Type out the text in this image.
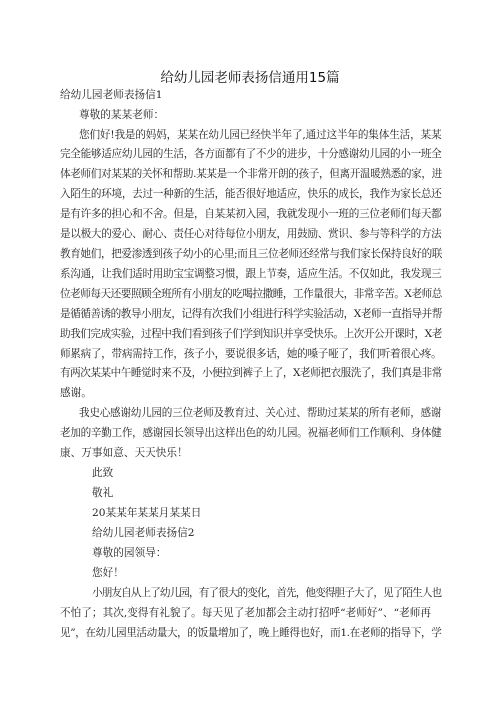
给幼儿园老师表扬信通用15篇
给幼儿园老师表扬信1
尊敬的某某老师：
您们好!我是的妈妈，某某在幼儿园已经快半年了,通过这半年的集体生活，某某
完全能够适应幼儿园的生活，各方面都有了不少的进步，十分感谢幼儿园的小一班全
体老师们对某某的关怀和帮助.某某是一个非常开朗的孩子，但离开温暖熟悉的家，进
入陌生的环境，去过一种新的生活，能否很好地适应，快乐的成长，我作为家长总还
是有许多的担心和不舍。但是，自某某初入园，我就发现小一班的三位老师们每天都
是以极大的爱心、耐心、责任心对待每位小朋友，用鼓励、赏识、参与等科学的方法
教育她们，把爱渗透到孩子幼小的心里;而且三位老师还经常与我们家长保持良好的联
系沟通，让我们适时用助宝宝调整习惯，跟上节奏，适应生活。不仅如此，我发现三
位老师每天还要照顾全班所有小朋友的吃喝拉撒睡，工作量很大，非常辛苦。X老师总
是循循善诱的教导小朋友，记得有次我们小组进行科学实验活动，X老师一直指导并帮
助我们完成实验，过程中我们看到孩子们学到知识并享受快乐。上次开公开课时，X老
师累病了，带病需持工作，孩子小，要说很多话，她的嗓子哑了，我们听着很心疼。
有两次某某中午睡觉时来不及，小便拉到裤子上了，X老师把衣服洗了，我们真是非常
感谢。
我史心感谢幼儿园的三位老师及教育过、关心过、帮助过某某的所有老师，感谢
老加的辛勤工作，感谢园长领导出这样出色的幼儿园。祝福老师们工作顺利、身体健
康、万事如意、天天快乐！
此致
敬礼
20某某年某某月某某日
给幼儿园老师表扬信2
尊敬的园领导：
您好！
小朋友自从上了幼儿园，有了很大的变化，首先，他变得胆子大了，见了陌生人也
不怕了；其次,变得有礼貌了。每天见了老加都会主动打招呼“老师好”、“老师再
见”，在幼儿园里活动量大，的饭量增加了，晚上睡得也好，而1.在老师的指导下，学
